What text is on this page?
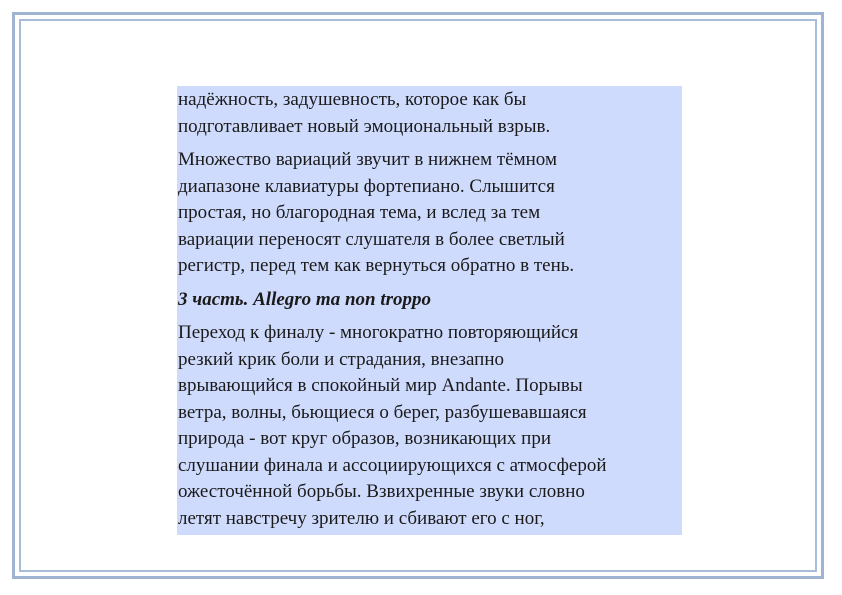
надёжность, задушевность, которое как бы
подготавливает новый эмоциональный взрыв.

Множество вариаций звучит в нижнем тёмном
диапазоне клавиатуры фортепиано. Слышится
простая, но благородная тема, и вслед за тем
вариации переносят слушателя в более светлый
регистр, перед тем как вернуться обратно в тень.

3 часть. Allegro ma non troppo

Переход к финалу - многократно повторяющийся
резкий крик боли и страдания, внезапно
врывающийся в спокойный мир Andante. Порывы
ветра, волны, бьющиеся о берег, разбушевавшаяся
природа - вот круг образов, возникающих при
слушании финала и ассоциирующихся с атмосферой
ожесточённой борьбы. Взвихренные звуки словно
летят навстречу зрителю и сбивают его с ног,
